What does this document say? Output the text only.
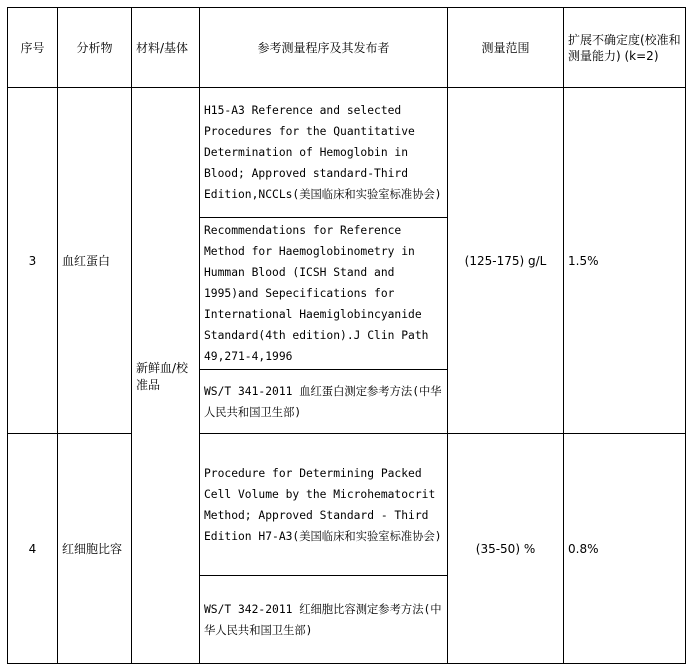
序号	分析物	材料/基体	参考测量程序及其发布者	测量范围	扩展不确定度(校准和测量能力) (k=2)
3	血红蛋白	新鲜血/校准品	H15-A3 Reference and selected Procedures for the Quantitative Determination of Hemoglobin in Blood; Approved standard-Third Edition,NCCLs(美国临床和实验室标准协会)	(125-175) g/L	1.5%
			Recommendations for Reference Method for Haemoglobinometry in Humman Blood (ICSH Stand and 1995)and Sepecifications for International Haemiglobincyanide Standard(4th edition).J Clin Path 49,271-4,1996		
			WS/T 341-2011 血红蛋白测定参考方法(中华人民共和国卫生部)		
4	红细胞比容		Procedure for Determining Packed Cell Volume by the Microhematocrit Method; Approved Standard - Third Edition H7-A3(美国临床和实验室标准协会)	(35-50) %	0.8%
			WS/T 342-2011 红细胞比容测定参考方法(中华人民共和国卫生部)		
